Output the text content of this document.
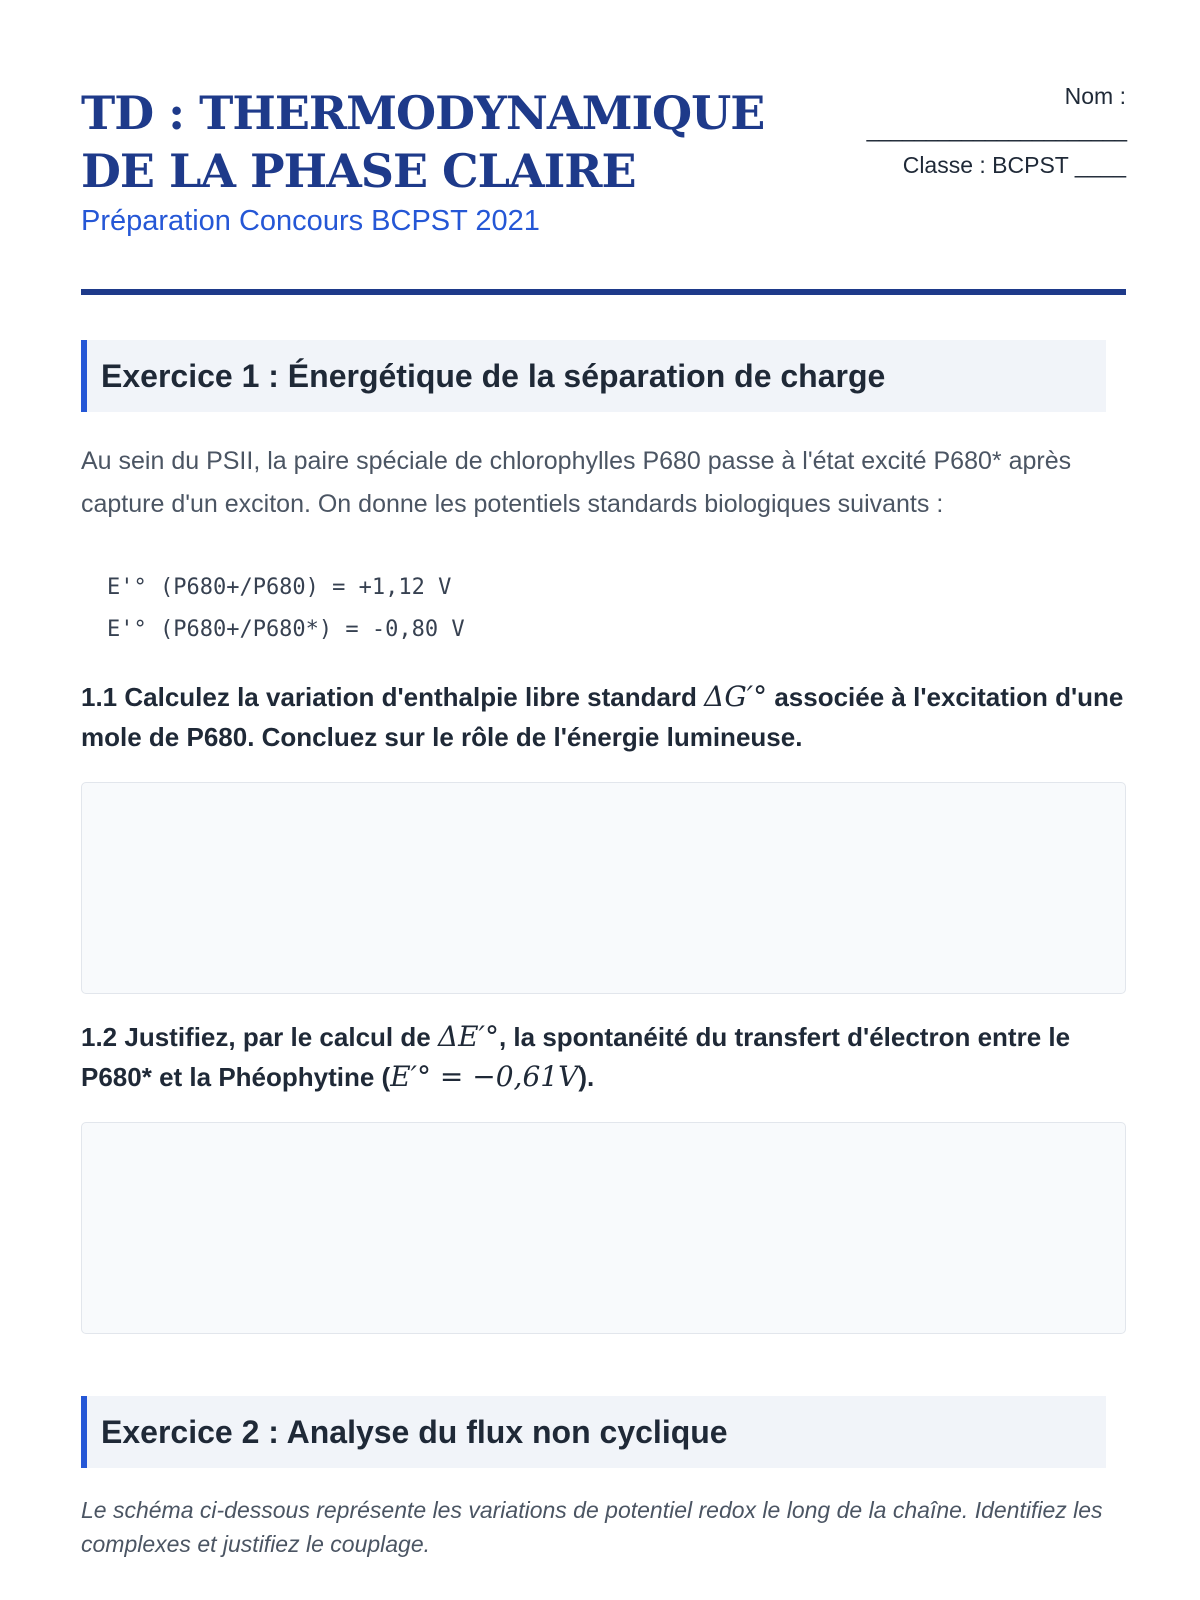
TD : THERMODYNAMIQUE DE LA PHASE CLAIRE

Préparation Concours BCPST 2021

Nom :
______________________
Classe : BCPST ____
Exercice 1 : Énergétique de la séparation de charge

Au sein du PSII, la paire spéciale de chlorophylles P680 passe à l'état excité P680* après capture d'un exciton. On donne les potentiels standards biologiques suivants :

E'° (P680+/P680) = +1,12 V
E'° (P680+/P680*) = -0,80 V

1.1 Calculez la variation d'enthalpie libre standard ΔG′° associée à l'excitation d'une mole de P680. Concluez sur le rôle de l'énergie lumineuse.

1.2 Justifiez, par le calcul de ΔE′°, la spontanéité du transfert d'électron entre le P680* et la Phéophytine (E′° = −0,61V).

Exercice 2 : Analyse du flux non cyclique

Le schéma ci-dessous représente les variations de potentiel redox le long de la chaîne. Identifiez les complexes et justifiez le couplage.
